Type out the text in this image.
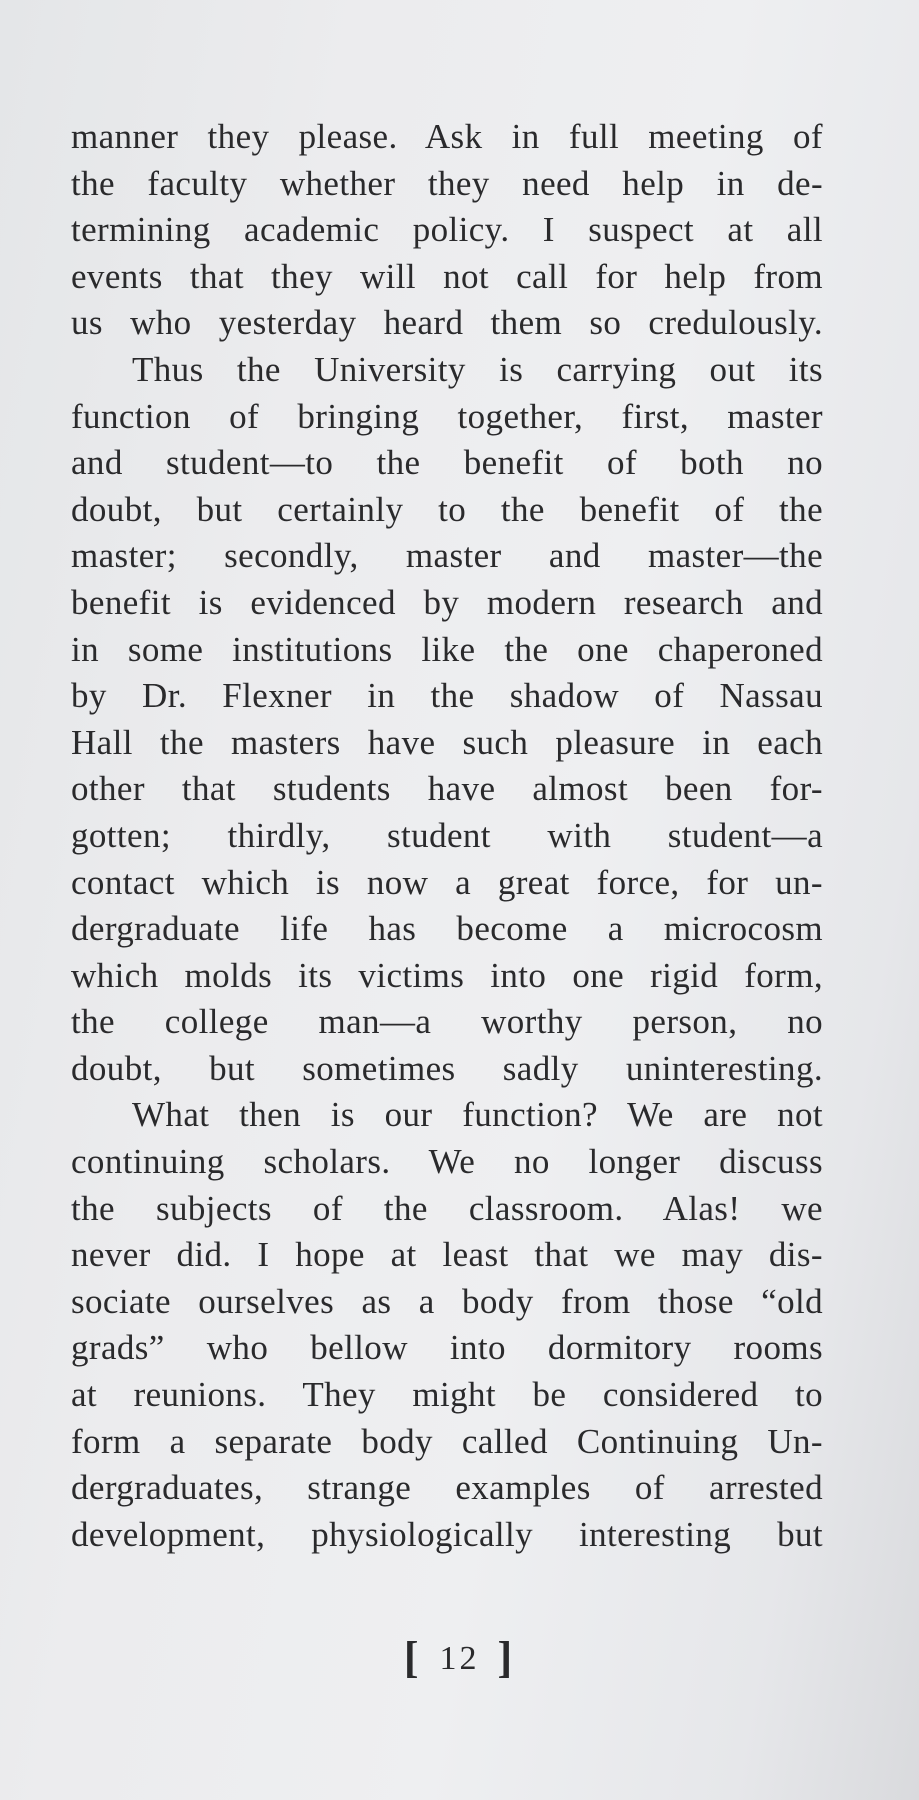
manner they please. Ask in full meeting of
the faculty whether they need help in de-
termining academic policy. I suspect at all
events that they will not call for help from
us who yesterday heard them so credulously.
Thus the University is carrying out its
function of bringing together, first, master
and student—to the benefit of both no
doubt, but certainly to the benefit of the
master; secondly, master and master—the
benefit is evidenced by modern research and
in some institutions like the one chaperoned
by Dr. Flexner in the shadow of Nassau
Hall the masters have such pleasure in each
other that students have almost been for-
gotten; thirdly, student with student—a
contact which is now a great force, for un-
dergraduate life has become a microcosm
which molds its victims into one rigid form,
the college man—a worthy person, no
doubt, but sometimes sadly uninteresting.
What then is our function? We are not
continuing scholars. We no longer discuss
the subjects of the classroom. Alas! we
never did. I hope at least that we may dis-
sociate ourselves as a body from those “old
grads” who bellow into dormitory rooms
at reunions. They might be considered to
form a separate body called Continuing Un-
dergraduates, strange examples of arrested
development, physiologically interesting but
[ 12 ]
